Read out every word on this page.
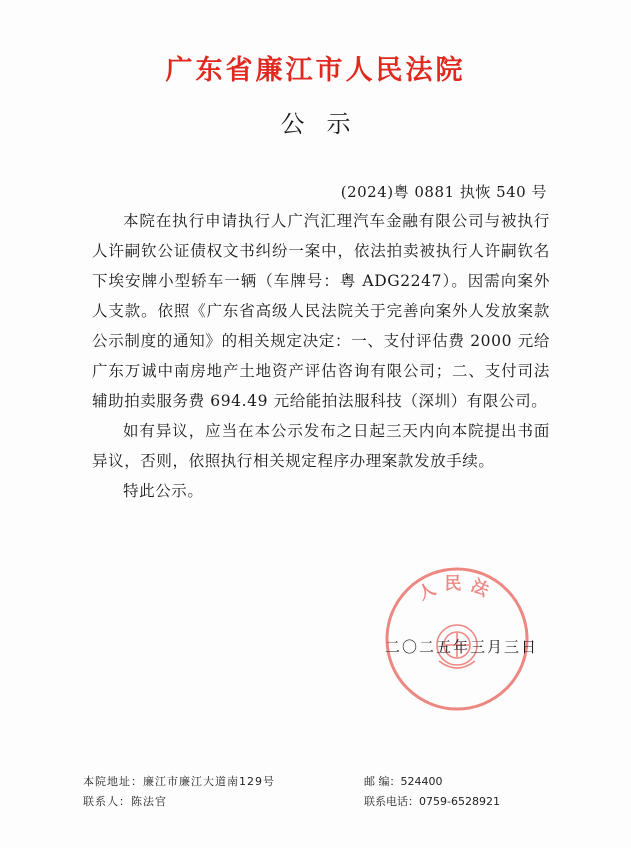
广东省廉江市人民法院
公示
(2024)粤 0881 执恢 540 号

本院在执行申请执行人广汽汇理汽车金融有限公司与被执行人许嗣钦公证债权文书纠纷一案中，依法拍卖被执行人许嗣钦名下埃安牌小型轿车一辆（车牌号：粤 ADG2247）。因需向案外人支款。依照《广东省高级人民法院关于完善向案外人发放案款公示制度的通知》的相关规定决定：一、支付评估费 2000 元给广东万诚中南房地产土地资产评估咨询有限公司；二、支付司法辅助拍卖服务费 694.49 元给能拍法服科技（深圳）有限公司。

如有异议，应当在本公示发布之日起三天内向本院提出书面异议，否则，依照执行相关规定程序办理案款发放手续。

特此公示。

人民法
二〇二五年三月三日
本院地址：廉江市廉江大道南129号	邮 编：524400
联系人：陈法官	联系电话：0759-6528921
